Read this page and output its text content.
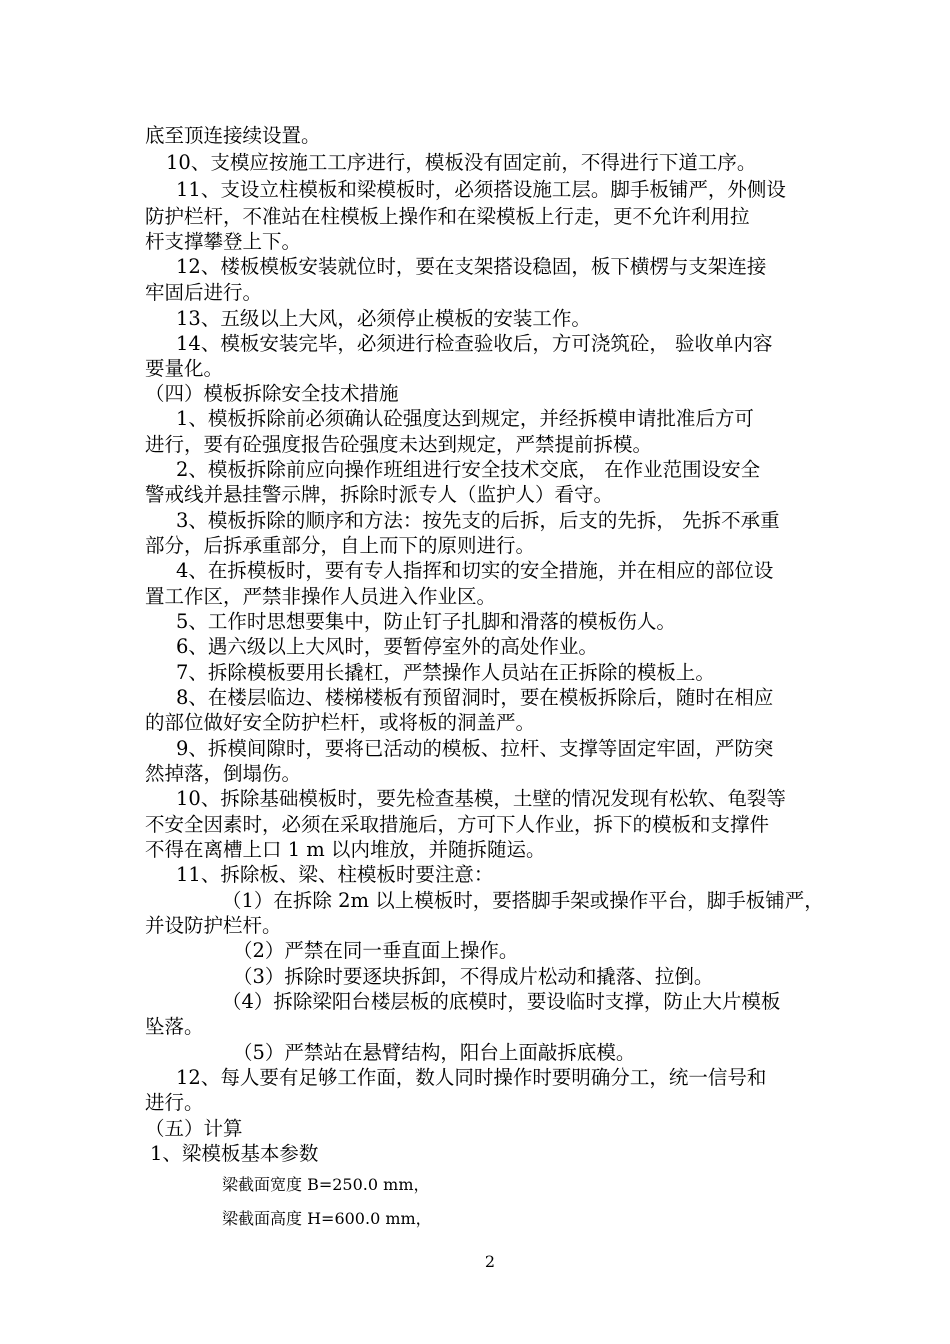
底至顶连接续设置。

10、支模应按施工工序进行，模板没有固定前，不得进行下道工序。

11、支设立柱模板和梁模板时，必须搭设施工层。脚手板铺严，外侧设

防护栏杆，不准站在柱模板上操作和在梁模板上行走，更不允许利用拉

杆支撑攀登上下。

12、楼板模板安装就位时，要在支架搭设稳固，板下横楞与支架连接

牢固后进行。

13、五级以上大风，必须停止模板的安装工作。

14、模板安装完毕，必须进行检查验收后，方可浇筑砼， 验收单内容

要量化。

（四）模板拆除安全技术措施

1、模板拆除前必须确认砼强度达到规定，并经拆模申请批准后方可

进行，要有砼强度报告砼强度未达到规定，严禁提前拆模。

2、模板拆除前应向操作班组进行安全技术交底， 在作业范围设安全

警戒线并悬挂警示牌，拆除时派专人（监护人）看守。

3、模板拆除的顺序和方法：按先支的后拆，后支的先拆， 先拆不承重

部分，后拆承重部分，自上而下的原则进行。

4、在拆模板时，要有专人指挥和切实的安全措施，并在相应的部位设

置工作区，严禁非操作人员进入作业区。

5、工作时思想要集中，防止钉子扎脚和滑落的模板伤人。

6、遇六级以上大风时，要暂停室外的高处作业。

7、拆除模板要用长撬杠，严禁操作人员站在正拆除的模板上。

8、在楼层临边、楼梯楼板有预留洞时，要在模板拆除后，随时在相应

的部位做好安全防护栏杆，或将板的洞盖严。

9、拆模间隙时，要将已活动的模板、拉杆、支撑等固定牢固，严防突

然掉落，倒塌伤。

10、拆除基础模板时，要先检查基模，土壁的情况发现有松软、龟裂等

不安全因素时，必须在采取措施后，方可下人作业，拆下的模板和支撑件

不得在离槽上口 1 m 以内堆放，并随拆随运。

11、拆除板、梁、柱模板时要注意：

（1）在拆除 2m 以上模板时，要搭脚手架或操作平台，脚手板铺严，

并设防护栏杆。

（2）严禁在同一垂直面上操作。

（3）拆除时要逐块拆卸，不得成片松动和撬落、拉倒。

（4）拆除梁阳台楼层板的底模时，要设临时支撑，防止大片模板

坠落。

（5）严禁站在悬臂结构，阳台上面敲拆底模。

12、每人要有足够工作面，数人同时操作时要明确分工，统一信号和

进行。

（五）计算

1、梁模板基本参数

梁截面宽度 B=250.0 mm，

梁截面高度 H=600.0 mm，

2
